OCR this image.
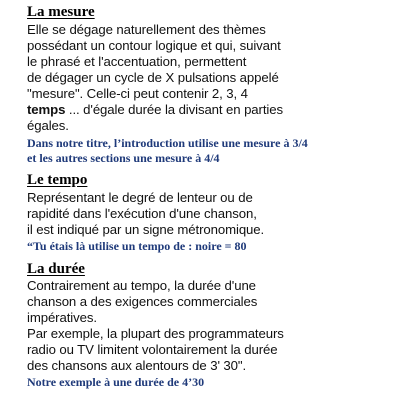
La mesure
Elle se dégage naturellement des thèmes
possédant un contour logique et qui, suivant
le phrasé et l'accentuation, permettent
de dégager un cycle de X pulsations appelé
"mesure". Celle-ci peut contenir 2, 3, 4
temps ... d'égale durée la divisant en parties
égales.
Dans notre titre, l’introduction utilise une mesure à 3/4
et les autres sections une mesure à 4/4
Le tempo
Représentant le degré de lenteur ou de
rapidité dans l'exécution d'une chanson,
il est indiqué par un signe métronomique.
“Tu étais là utilise un tempo de : noire = 80
La durée
Contrairement au tempo, la durée d'une
chanson a des exigences commerciales
impératives.
Par exemple, la plupart des programmateurs
radio ou TV limitent volontairement la durée
des chansons aux alentours de 3' 30".
Notre exemple à une durée de 4’30
